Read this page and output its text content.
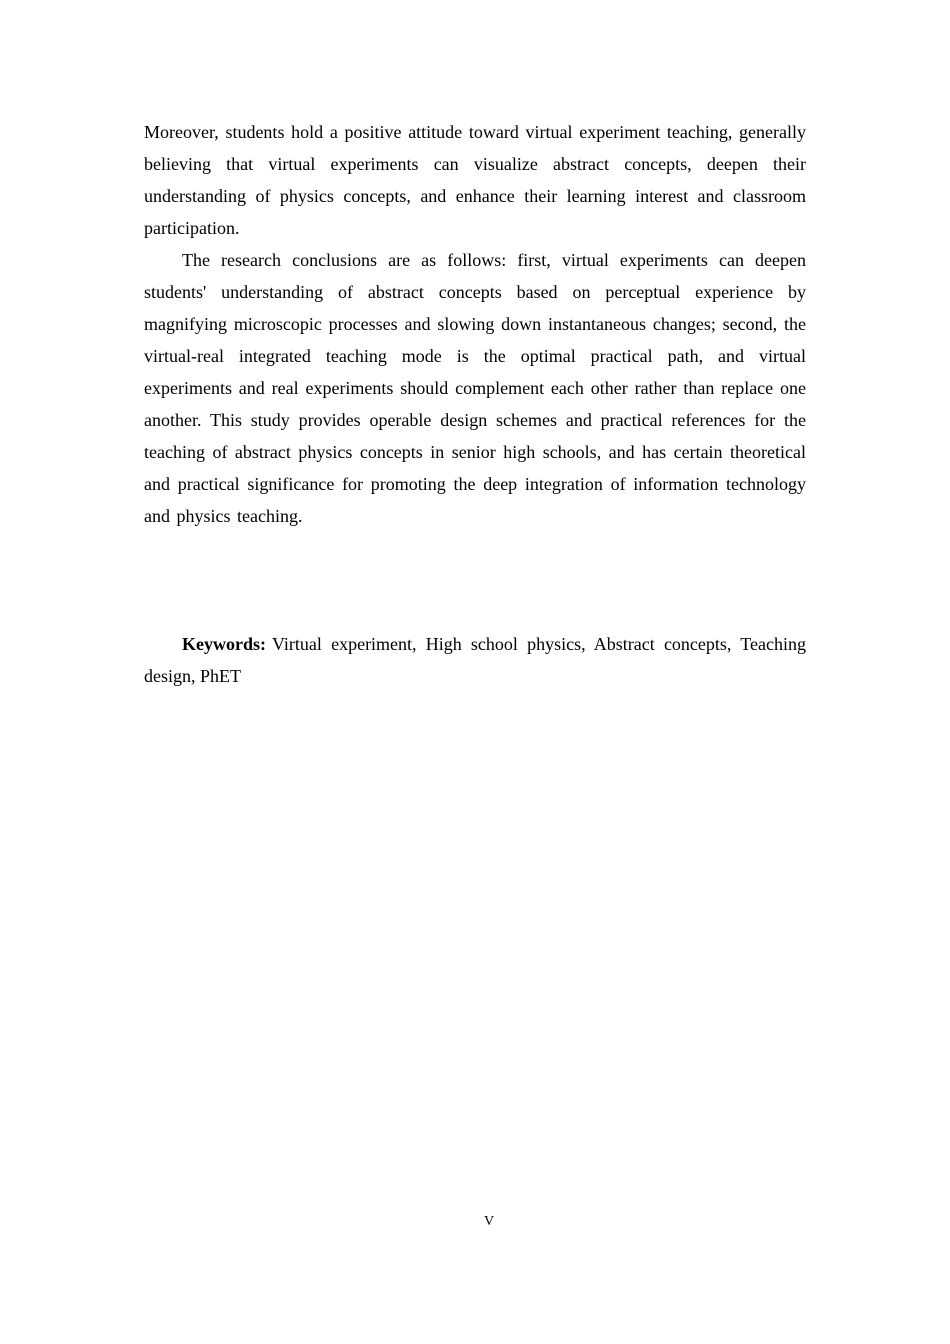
Moreover, students hold a positive attitude toward virtual experiment teaching, generally believing that virtual experiments can visualize abstract concepts, deepen their understanding of physics concepts, and enhance their learning interest and classroom participation.

The research conclusions are as follows: first, virtual experiments can deepen students' understanding of abstract concepts based on perceptual experience by magnifying microscopic processes and slowing down instantaneous changes; second, the virtual-real integrated teaching mode is the optimal practical path, and virtual experiments and real experiments should complement each other rather than replace one another. This study provides operable design schemes and practical references for the teaching of abstract physics concepts in senior high schools, and has certain theoretical and practical significance for promoting the deep integration of information technology and physics teaching.

Keywords: Virtual experiment, High school physics, Abstract concepts, Teaching design, PhET

V
